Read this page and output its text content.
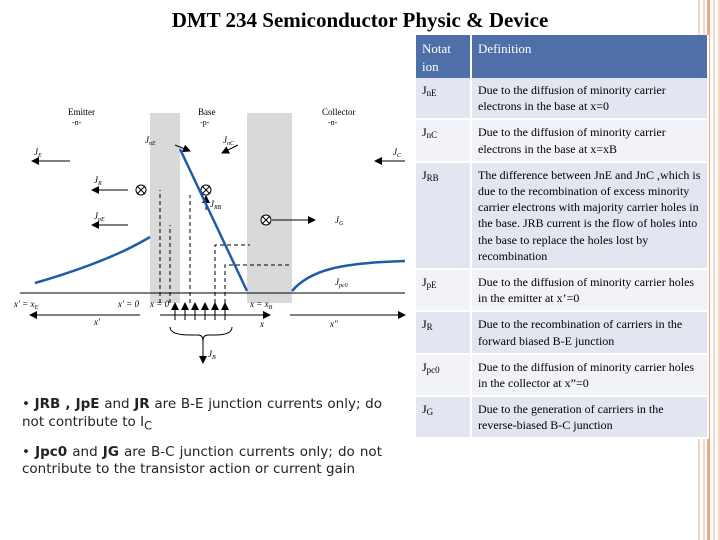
DMT 234 Semiconductor Physic & Device
Emitter
-n-
Base
-p-
Collector
-n-
$J_E$	$J_C$
$J_R$
$J_{pE}$	$J_G$
$J_{RB}$
$J_{nE}$	$J_{nC}$
$J_{pc0}$
$x' = x_E$	x' = 0 x = 0	$x = x_B$
x'	x	x"
$J_B$
• JRB , JpE and JR are B-E junction currents only; do not contribute to $I_C$
• Jpc0 and JG are B-C junction currents only; do not contribute to the transistor action or current gain
Notat ion	Definition
JnE	Due to the diffusion of minority carrier electrons in the base at x=0
JnC	Due to the diffusion of minority carrier electrons in the base at x=xB
JRB	The difference between JnE and JnC ,which is due to the recombination of excess minority carrier electrons with majority carrier holes in the base. JRB current is the flow of holes into the base to replace the holes lost by recombination
JpE	Due to the diffusion of minority carrier holes in the emitter at x’=0
JR	Due to the recombination of carriers in the forward biased B-E junction
Jpc0	Due to the diffusion of minority carrier holes in the collector at x”=0
JG	Due to the generation of carriers in the reverse-biased B-C junction
